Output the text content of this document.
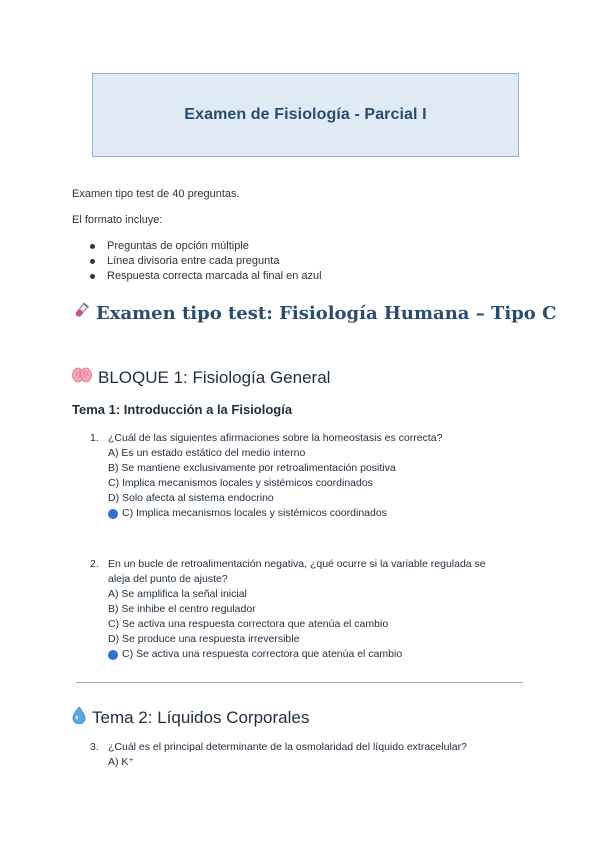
Examen de Fisiología - Parcial I
Examen tipo test de 40 preguntas.
El formato incluye:
Preguntas de opción múltiple
Línea divisoria entre cada pregunta
Respuesta correcta marcada al final en azul
Examen tipo test: Fisiología Humana – Tipo C
BLOQUE 1: Fisiología General
Tema 1: Introducción a la Fisiología
1. ¿Cuál de las siguientes afirmaciones sobre la homeostasis es correcta?
A) Es un estado estático del medio interno
B) Se mantiene exclusivamente por retroalimentación positiva
C) Implica mecanismos locales y sistémicos coordinados
D) Solo afecta al sistema endocrino
C) Implica mecanismos locales y sistémicos coordinados
2. En un bucle de retroalimentación negativa, ¿qué ocurre si la variable regulada se
aleja del punto de ajuste?
A) Se amplifica la señal inicial
B) Se inhibe el centro regulador
C) Se activa una respuesta correctora que atenúa el cambio
D) Se produce una respuesta irreversible
C) Se activa una respuesta correctora que atenúa el cambio
Tema 2: Líquidos Corporales
3. ¿Cuál es el principal determinante de la osmolaridad del líquido extracelular?
A) K⁺
